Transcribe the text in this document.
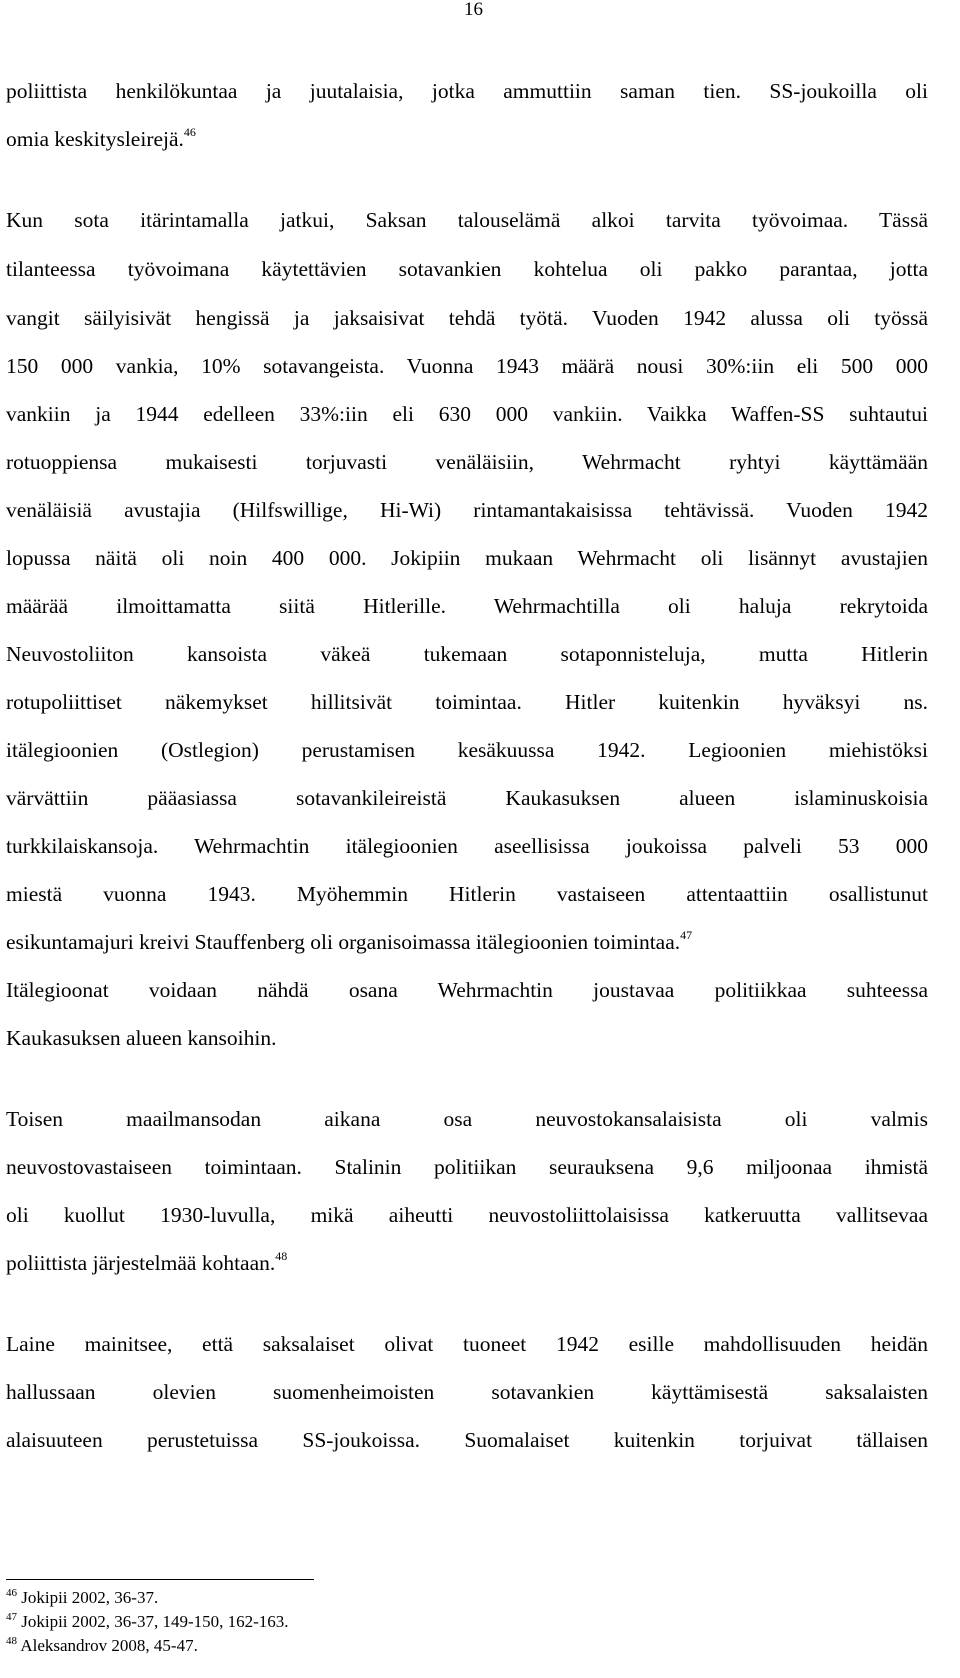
16
poliittista henkilökuntaa ja juutalaisia, jotka ammuttiin saman tien. SS-joukoilla oli
omia keskitysleirejä.$^{46}$
Kun sota itärintamalla jatkui, Saksan talouselämä alkoi tarvita työvoimaa. Tässä
tilanteessa työvoimana käytettävien sotavankien kohtelua oli pakko parantaa, jotta
vangit säilyisivät hengissä ja jaksaisivat tehdä työtä. Vuoden 1942 alussa oli työssä
150 000 vankia, 10% sotavangeista. Vuonna 1943 määrä nousi 30%:iin eli 500 000
vankiin ja 1944 edelleen 33%:iin eli 630 000 vankiin. Vaikka Waffen-SS suhtautui
rotuoppiensa mukaisesti torjuvasti venäläisiin, Wehrmacht ryhtyi käyttämään
venäläisiä avustajia (Hilfswillige, Hi-Wi) rintamantakaisissa tehtävissä. Vuoden 1942
lopussa näitä oli noin 400 000. Jokipiin mukaan Wehrmacht oli lisännyt avustajien
määrää ilmoittamatta siitä Hitlerille. Wehrmachtilla oli haluja rekrytoida
Neuvostoliiton kansoista väkeä tukemaan sotaponnisteluja, mutta Hitlerin
rotupoliittiset näkemykset hillitsivät toimintaa. Hitler kuitenkin hyväksyi ns.
itälegioonien (Ostlegion) perustamisen kesäkuussa 1942. Legioonien miehistöksi
värvättiin pääasiassa sotavankileireistä Kaukasuksen alueen islaminuskoisia
turkkilaiskansoja. Wehrmachtin itälegioonien aseellisissa joukoissa palveli 53 000
miestä vuonna 1943. Myöhemmin Hitlerin vastaiseen attentaattiin osallistunut
esikuntamajuri kreivi Stauffenberg oli organisoimassa itälegioonien toimintaa.$^{47}$
Itälegioonat voidaan nähdä osana Wehrmachtin joustavaa politiikkaa suhteessa
Kaukasuksen alueen kansoihin.
Toisen maailmansodan aikana osa neuvostokansalaisista oli valmis
neuvostovastaiseen toimintaan. Stalinin politiikan seurauksena 9,6 miljoonaa ihmistä
oli kuollut 1930-luvulla, mikä aiheutti neuvostoliittolaisissa katkeruutta vallitsevaa
poliittista järjestelmää kohtaan.$^{48}$
Laine mainitsee, että saksalaiset olivat tuoneet 1942 esille mahdollisuuden heidän
hallussaan olevien suomenheimoisten sotavankien käyttämisestä saksalaisten
alaisuuteen perustetuissa SS-joukoissa. Suomalaiset kuitenkin torjuivat tällaisen
$^{46}$ Jokipii 2002, 36-37.
$^{47}$ Jokipii 2002, 36-37, 149-150, 162-163.
$^{48}$ Aleksandrov 2008, 45-47.
